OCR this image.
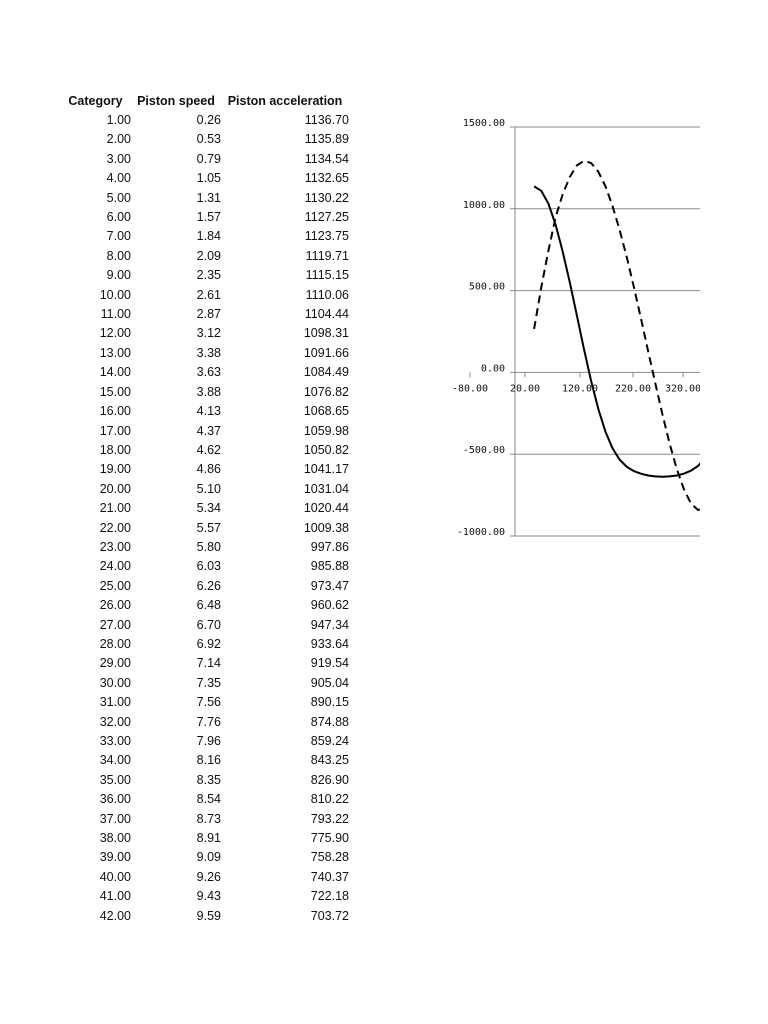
Category	Piston speed	Piston acceleration
1.00	0.26	1136.70
2.00	0.53	1135.89
3.00	0.79	1134.54
4.00	1.05	1132.65
5.00	1.31	1130.22
6.00	1.57	1127.25
7.00	1.84	1123.75
8.00	2.09	1119.71
9.00	2.35	1115.15
10.00	2.61	1110.06
11.00	2.87	1104.44
12.00	3.12	1098.31
13.00	3.38	1091.66
14.00	3.63	1084.49
15.00	3.88	1076.82
16.00	4.13	1068.65
17.00	4.37	1059.98
18.00	4.62	1050.82
19.00	4.86	1041.17
20.00	5.10	1031.04
21.00	5.34	1020.44
22.00	5.57	1009.38
23.00	5.80	997.86
24.00	6.03	985.88
25.00	6.26	973.47
26.00	6.48	960.62
27.00	6.70	947.34
28.00	6.92	933.64
29.00	7.14	919.54
30.00	7.35	905.04
31.00	7.56	890.15
32.00	7.76	874.88
33.00	7.96	859.24
34.00	8.16	843.25
35.00	8.35	826.90
36.00	8.54	810.22
37.00	8.73	793.22
38.00	8.91	775.90
39.00	9.09	758.28
40.00	9.26	740.37
41.00	9.43	722.18
42.00	9.59	703.72
1500.00
1000.00
500.00
0.00
-500.00
-1000.00
-80.00 20.00 120.00 220.00 320.00
